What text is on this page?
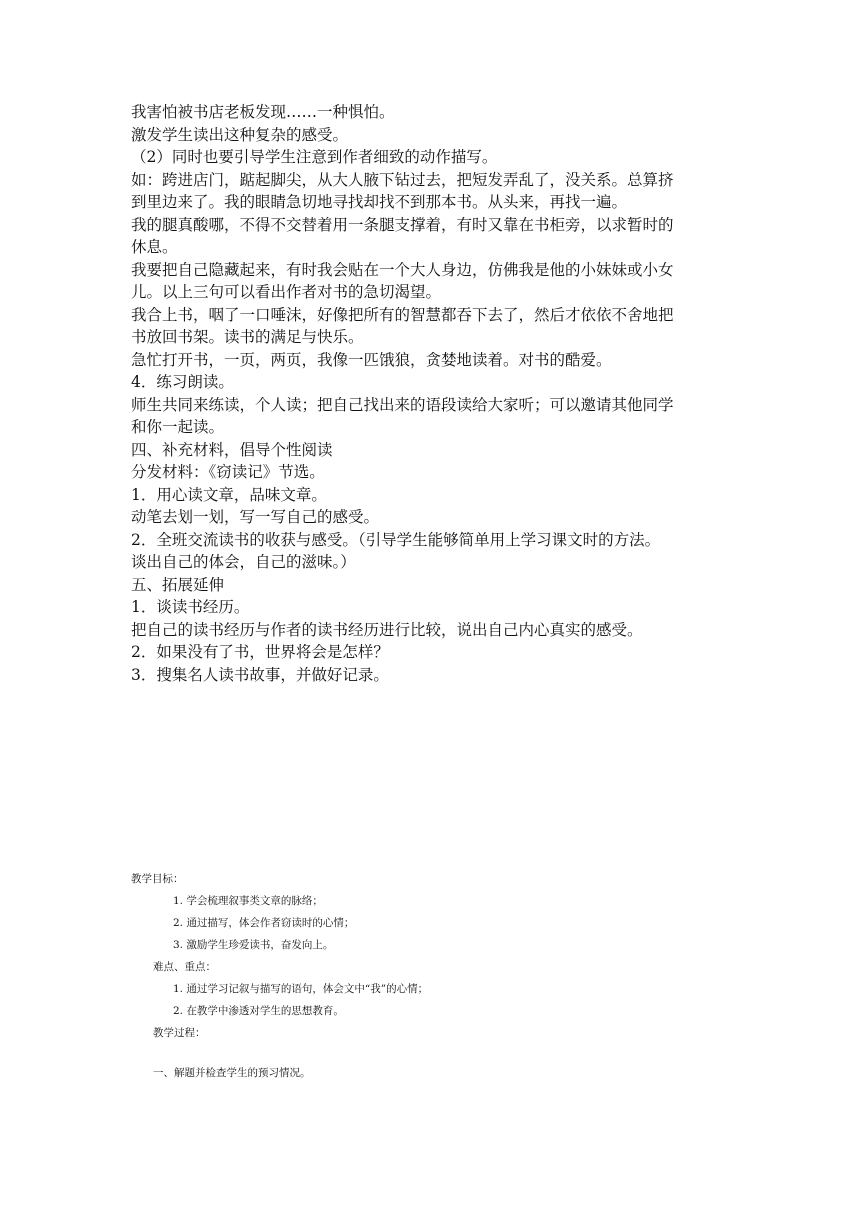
我害怕被书店老板发现……一种惧怕。

激发学生读出这种复杂的感受。

（2）同时也要引导学生注意到作者细致的动作描写。

如：跨进店门，踮起脚尖，从大人腋下钻过去，把短发弄乱了，没关系。总算挤

到里边来了。我的眼睛急切地寻找却找不到那本书。从头来，再找一遍。

我的腿真酸哪，不得不交替着用一条腿支撑着，有时又靠在书柜旁，以求暂时的

休息。

我要把自己隐藏起来，有时我会贴在一个大人身边，仿佛我是他的小妹妹或小女

儿。以上三句可以看出作者对书的急切渴望。

我合上书，咽了一口唾沫，好像把所有的智慧都吞下去了，然后才依依不舍地把

书放回书架。读书的满足与快乐。

急忙打开书，一页，两页，我像一匹饿狼，贪婪地读着。对书的酷爱。

4．练习朗读。

师生共同来练读，个人读；把自己找出来的语段读给大家听；可以邀请其他同学

和你一起读。

四、补充材料，倡导个性阅读

分发材料：《窃读记》节选。

1．用心读文章，品味文章。

动笔去划一划，写一写自己的感受。

2．全班交流读书的收获与感受。（引导学生能够简单用上学习课文时的方法。

谈出自己的体会，自己的滋味。）

五、拓展延伸

1．谈读书经历。

把自己的读书经历与作者的读书经历进行比较，说出自己内心真实的感受。

2．如果没有了书，世界将会是怎样？

3．搜集名人读书故事，并做好记录。

教学目标：

1. 学会梳理叙事类文章的脉络；

2. 通过描写，体会作者窃读时的心情；

3. 激励学生珍爱读书，奋发向上。

难点、重点：

1. 通过学习记叙与描写的语句，体会文中“我”的心情；

2. 在教学中渗透对学生的思想教育。

教学过程：

一、解题并检查学生的预习情况。
